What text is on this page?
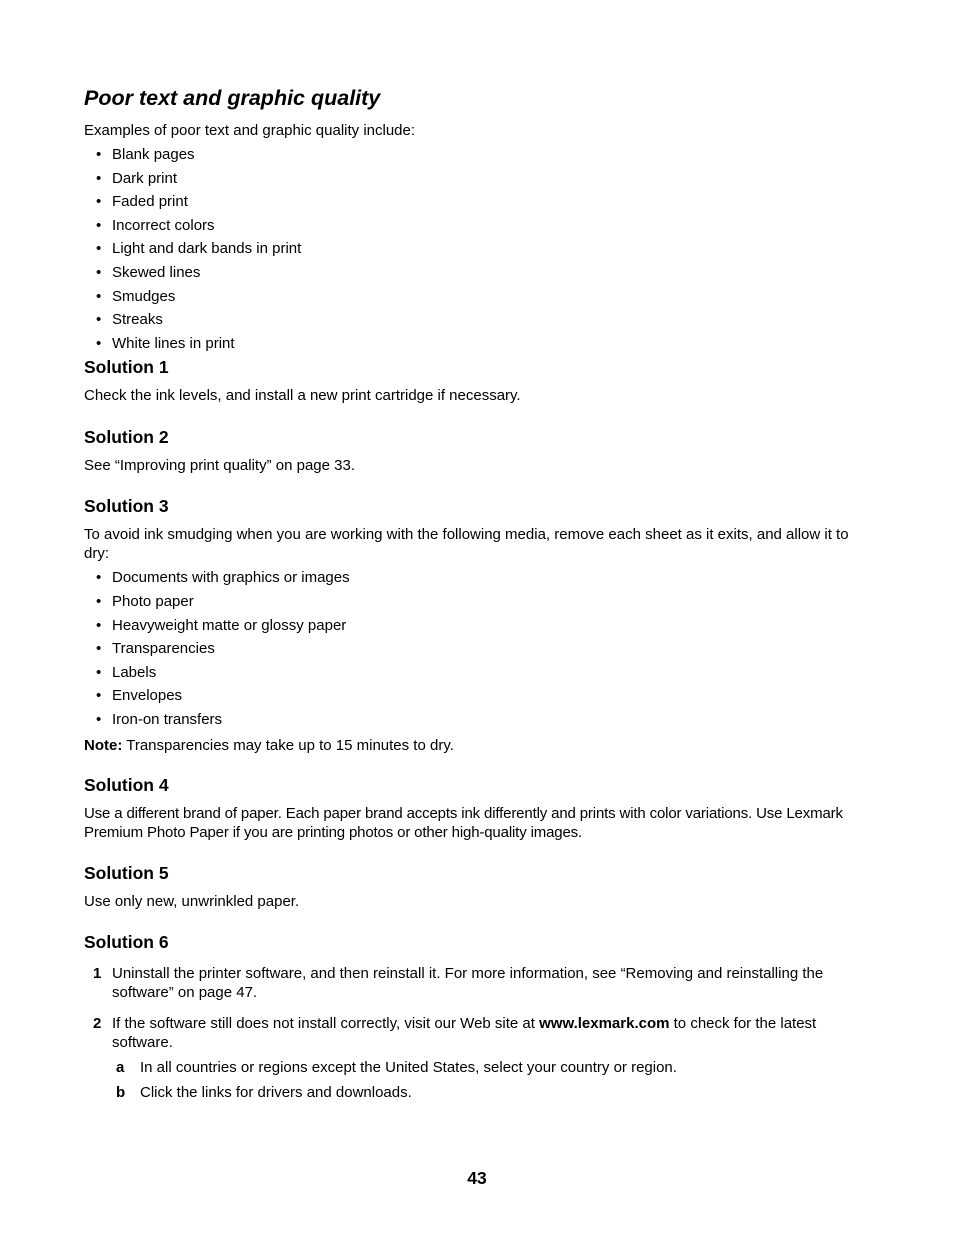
Poor text and graphic quality

Examples of poor text and graphic quality include:

• Blank pages
• Dark print
• Faded print
• Incorrect colors
• Light and dark bands in print
• Skewed lines
• Smudges
• Streaks
• White lines in print
Solution 1

Check the ink levels, and install a new print cartridge if necessary.

Solution 2

See “Improving print quality” on page 33.

Solution 3

To avoid ink smudging when you are working with the following media, remove each sheet as it exits, and allow it to dry:

• Documents with graphics or images
• Photo paper
• Heavyweight matte or glossy paper
• Transparencies
• Labels
• Envelopes
• Iron-on transfers

Note: Transparencies may take up to 15 minutes to dry.

Solution 4

Use a different brand of paper. Each paper brand accepts ink differently and prints with color variations. Use Lexmark Premium Photo Paper if you are printing photos or other high-quality images.

Solution 5

Use only new, unwrinkled paper.

Solution 6
1 Uninstall the printer software, and then reinstall it. For more information, see “Removing and reinstalling the software” on page 47.
2 If the software still does not install correctly, visit our Web site at www.lexmark.com to check for the latest software.
a In all countries or regions except the United States, select your country or region.
b Click the links for drivers and downloads.
43
